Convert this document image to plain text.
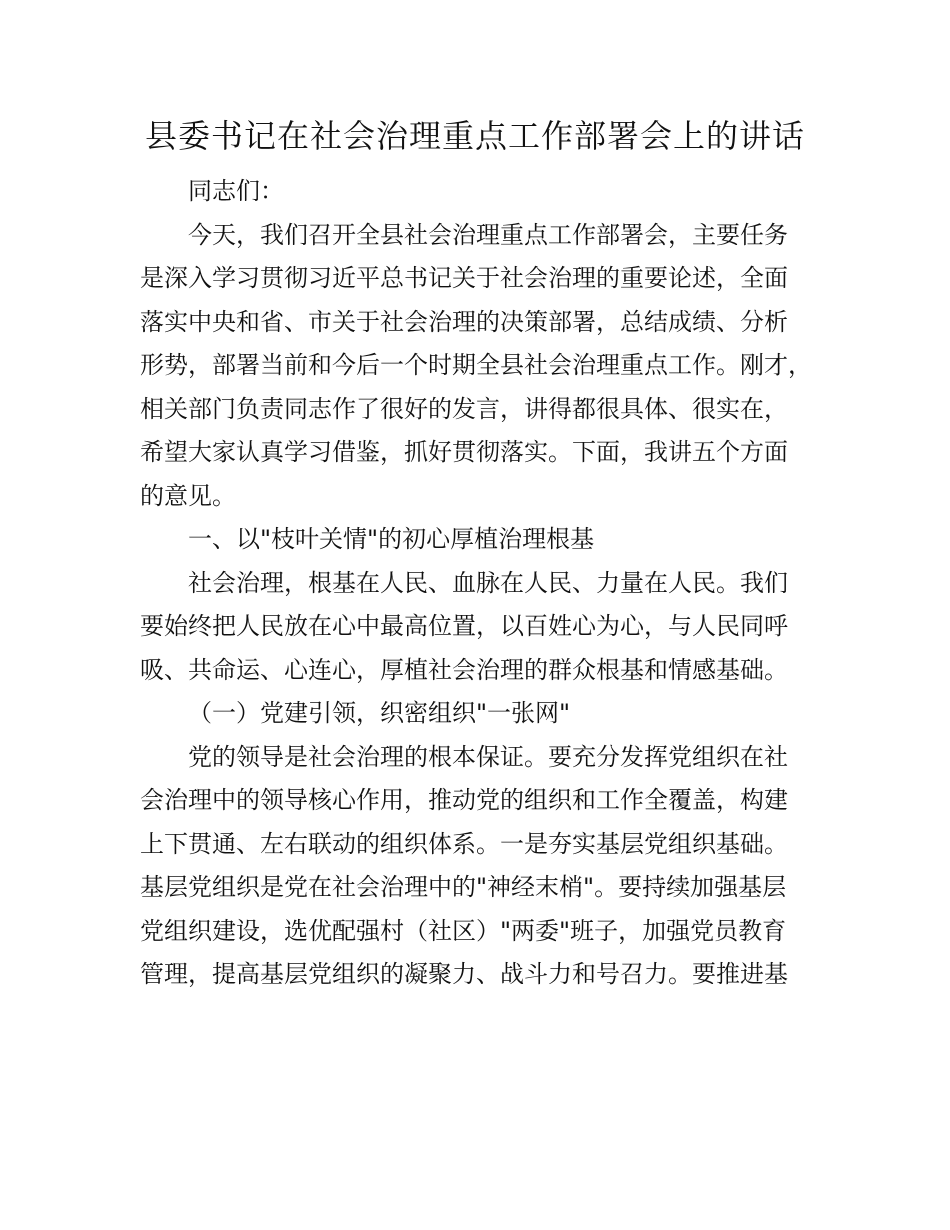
县委书记在社会治理重点工作部署会上的讲话
同志们：
今天，我们召开全县社会治理重点工作部署会，主要任务
是深入学习贯彻习近平总书记关于社会治理的重要论述，全面
落实中央和省、市关于社会治理的决策部署，总结成绩、分析
形势，部署当前和今后一个时期全县社会治理重点工作。刚才，
相关部门负责同志作了很好的发言，讲得都很具体、很实在，
希望大家认真学习借鉴，抓好贯彻落实。下面，我讲五个方面
的意见。
一、以"枝叶关情"的初心厚植治理根基
社会治理，根基在人民、血脉在人民、力量在人民。我们
要始终把人民放在心中最高位置，以百姓心为心，与人民同呼
吸、共命运、心连心，厚植社会治理的群众根基和情感基础。
（一）党建引领，织密组织"一张网"
党的领导是社会治理的根本保证。要充分发挥党组织在社
会治理中的领导核心作用，推动党的组织和工作全覆盖，构建
上下贯通、左右联动的组织体系。一是夯实基层党组织基础。
基层党组织是党在社会治理中的"神经末梢"。要持续加强基层
党组织建设，选优配强村（社区）"两委"班子，加强党员教育
管理，提高基层党组织的凝聚力、战斗力和号召力。要推进基
